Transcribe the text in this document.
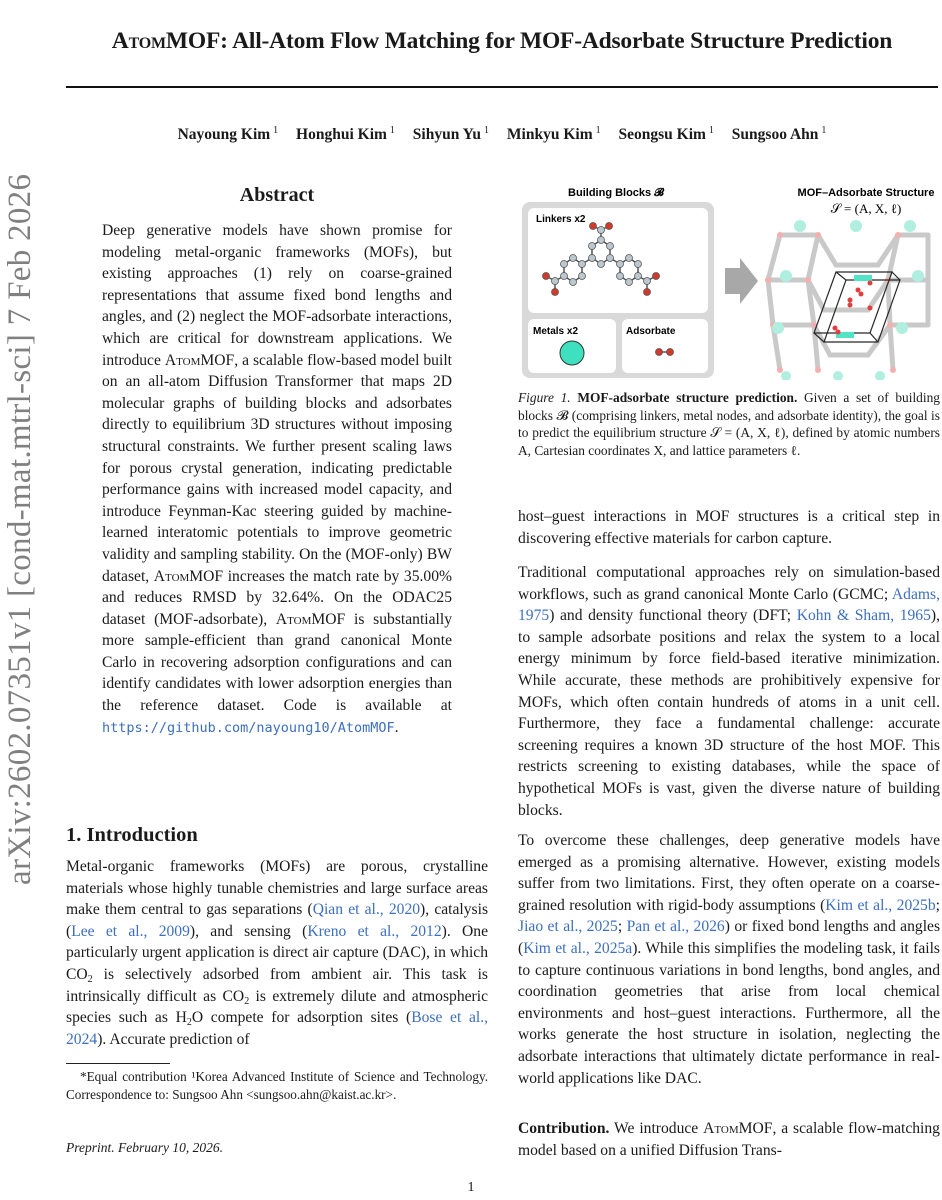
AtomMOF: All-Atom Flow Matching for MOF-Adsorbate Structure Prediction
Nayoung Kim $^1$ Honghui Kim $^1$ Sihyun Yu $^1$ Minkyu Kim $^1$ Seongsu Kim $^1$ Sungsoo Ahn $^1$
arXiv:2602.07351v1 [cond-mat.mtrl-sci] 7 Feb 2026	Abstract
Deep generative models have shown promise for modeling metal-organic frameworks (MOFs), but existing approaches (1) rely on coarse-grained representations that assume fixed bond lengths and angles, and (2) neglect the MOF-adsorbate interactions, which are critical for downstream applications. We introduce AtomMOF, a scalable flow-based model built on an all-atom Diffusion Transformer that maps 2D molecular graphs of building blocks and adsorbates directly to equilibrium 3D structures without imposing structural constraints. We further present scaling laws for porous crystal generation, indicating predictable performance gains with increased model capacity, and introduce Feynman-Kac steering guided by machine-learned interatomic potentials to improve geometric validity and sampling stability. On the (MOF-only) BW dataset, AtomMOF increases the match rate by 35.00% and reduces RMSD by 32.64%. On the ODAC25 dataset (MOF-adsorbate), AtomMOF is substantially more sample-efficient than grand canonical Monte Carlo in recovering adsorption configurations and can identify candidates with lower adsorption energies than the reference dataset. Code is available at https://github.com/nayoung10/AtomMOF.
1. Introduction
Metal-organic frameworks (MOFs) are porous, crystalline materials whose highly tunable chemistries and large surface areas make them central to gas separations (Qian et al., 2020), catalysis (Lee et al., 2009), and sensing (Kreno et al., 2012). One particularly urgent application is direct air capture (DAC), in which $CO_2$ is selectively adsorbed from ambient air. This task is intrinsically difficult as $CO_2$ is extremely dilute and atmospheric species such as $H_2O$ compete for adsorption sites (Bose et al., 2024). Accurate prediction of

*Equal contribution ¹Korea Advanced Institute of Science and Technology. Correspondence to: Sungsoo Ahn <sungsoo.ahn@kaist.ac.kr>.

Preprint. February 10, 2026.
Building Blocks 𝓑
Linkers x2
Metals x2	Adsorbate
MOF–Adsorbate Structure
𝒮 = (A, X, ℓ)
Figure 1. MOF-adsorbate structure prediction. Given a set of building blocks 𝓑 (comprising linkers, metal nodes, and adsorbate identity), the goal is to predict the equilibrium structure 𝒮 = (A, X, ℓ), defined by atomic numbers A, Cartesian coordinates X, and lattice parameters ℓ.

host–guest interactions in MOF structures is a critical step in discovering effective materials for carbon capture.

Traditional computational approaches rely on simulation-based workflows, such as grand canonical Monte Carlo (GCMC; Adams, 1975) and density functional theory (DFT; Kohn & Sham, 1965), to sample adsorbate positions and relax the system to a local energy minimum by force field-based iterative minimization. While accurate, these methods are prohibitively expensive for MOFs, which often contain hundreds of atoms in a unit cell. Furthermore, they face a fundamental challenge: accurate screening requires a known 3D structure of the host MOF. This restricts screening to existing databases, while the space of hypothetical MOFs is vast, given the diverse nature of building blocks.
To overcome these challenges, deep generative models have emerged as a promising alternative. However, existing models suffer from two limitations. First, they often operate on a coarse-grained resolution with rigid-body assumptions (Kim et al., 2025b; Jiao et al., 2025; Pan et al., 2026) or fixed bond lengths and angles (Kim et al., 2025a). While this simplifies the modeling task, it fails to capture continuous variations in bond lengths, bond angles, and coordination geometries that arise from local chemical environments and host–guest interactions. Furthermore, all the works generate the host structure in isolation, neglecting the adsorbate interactions that ultimately dictate performance in real-world applications like DAC.
Contribution. We introduce AtomMOF, a scalable flow-matching model based on a unified Diffusion Trans-
1
